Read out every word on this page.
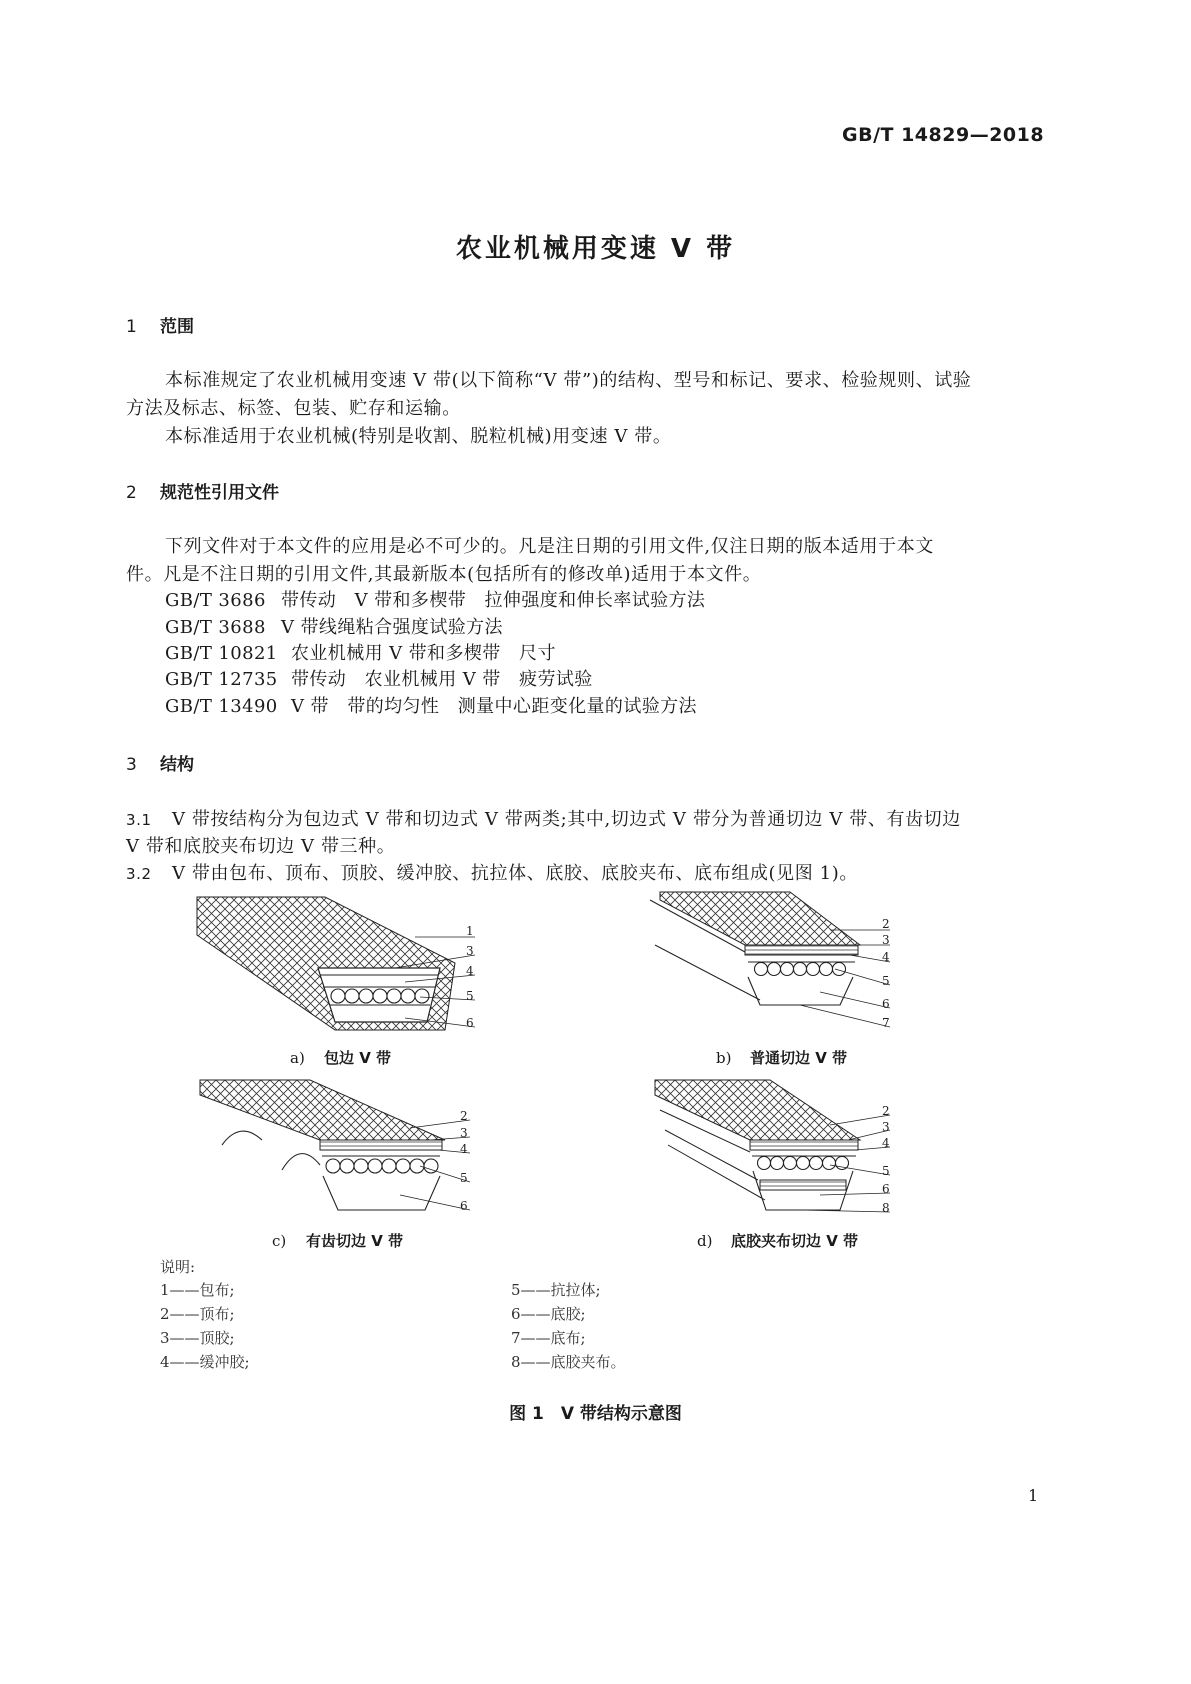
GB/T 14829—2018
农业机械用变速 V 带
1 范围
本标准规定了农业机械用变速 V 带(以下简称“V 带”)的结构、型号和标记、要求、检验规则、试验
方法及标志、标签、包装、贮存和运输。
本标准适用于农业机械(特别是收割、脱粒机械)用变速 V 带。
2 规范性引用文件
下列文件对于本文件的应用是必不可少的。凡是注日期的引用文件,仅注日期的版本适用于本文
件。凡是不注日期的引用文件,其最新版本(包括所有的修改单)适用于本文件。
GB/T 3686 带传动　V 带和多楔带　拉伸强度和伸长率试验方法
GB/T 3688 V 带线绳粘合强度试验方法
GB/T 10821 农业机械用 V 带和多楔带　尺寸
GB/T 12735 带传动　农业机械用 V 带　疲劳试验
GB/T 13490 V 带　带的均匀性　测量中心距变化量的试验方法
3 结构
3.1 V 带按结构分为包边式 V 带和切边式 V 带两类;其中,切边式 V 带分为普通切边 V 带、有齿切边
V 带和底胶夹布切边 V 带三种。
3.2 V 带由包布、顶布、顶胶、缓冲胶、抗拉体、底胶、底胶夹布、底布组成(见图 1)。
1
3
4
5
6
2
3
4
5
6
7
2
3
4
5
6
2
3
4
5
6
8
a) 包边 V 带	b) 普通切边 V 带
c) 有齿切边 V 带	d) 底胶夹布切边 V 带
说明:
1——包布;
2——顶布;
3——顶胶;
4——缓冲胶;
5——抗拉体;
6——底胶;
7——底布;
8——底胶夹布。
图 1　V 带结构示意图
1
